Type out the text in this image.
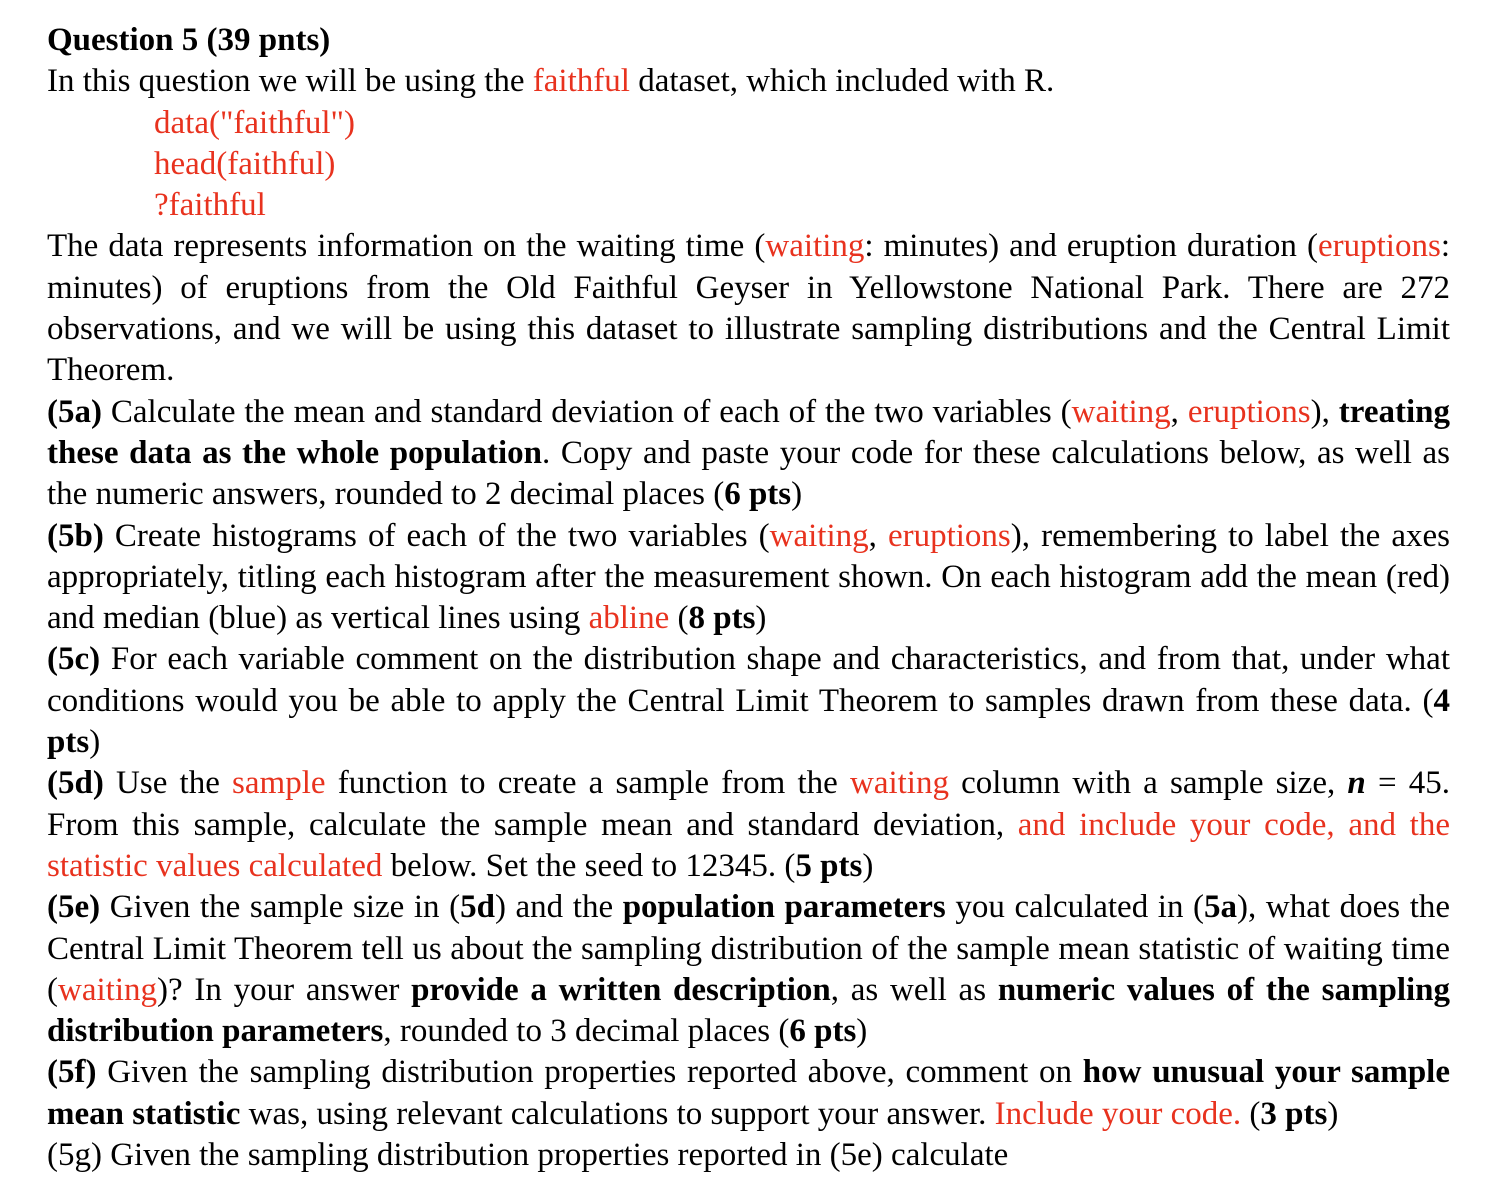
Question 5 (39 pnts)

In this question we will be using the faithful dataset, which included with R.

data("faithful")

head(faithful)

?faithful

The data represents information on the waiting time (waiting: minutes) and eruption duration (eruptions: minutes) of eruptions from the Old Faithful Geyser in Yellowstone National Park. There are 272 observations, and we will be using this dataset to illustrate sampling distributions and the Central Limit Theorem.

(5a) Calculate the mean and standard deviation of each of the two variables (waiting, eruptions), treating these data as the whole population. Copy and paste your code for these calculations below, as well as the numeric answers, rounded to 2 decimal places (6 pts)

(5b) Create histograms of each of the two variables (waiting, eruptions), remembering to label the axes appropriately, titling each histogram after the measurement shown. On each histogram add the mean (red) and median (blue) as vertical lines using abline (8 pts)

(5c) For each variable comment on the distribution shape and characteristics, and from that, under what conditions would you be able to apply the Central Limit Theorem to samples drawn from these data. (4 pts)

(5d) Use the sample function to create a sample from the waiting column with a sample size, n = 45. From this sample, calculate the sample mean and standard deviation, and include your code, and the statistic values calculated below. Set the seed to 12345. (5 pts)

(5e) Given the sample size in (5d) and the population parameters you calculated in (5a), what does the Central Limit Theorem tell us about the sampling distribution of the sample mean statistic of waiting time (waiting)? In your answer provide a written description, as well as numeric values of the sampling distribution parameters, rounded to 3 decimal places (6 pts)

(5f) Given the sampling distribution properties reported above, comment on how unusual your sample mean statistic was, using relevant calculations to support your answer. Include your code. (3 pts)

(5g) Given the sampling distribution properties reported in (5e) calculate
